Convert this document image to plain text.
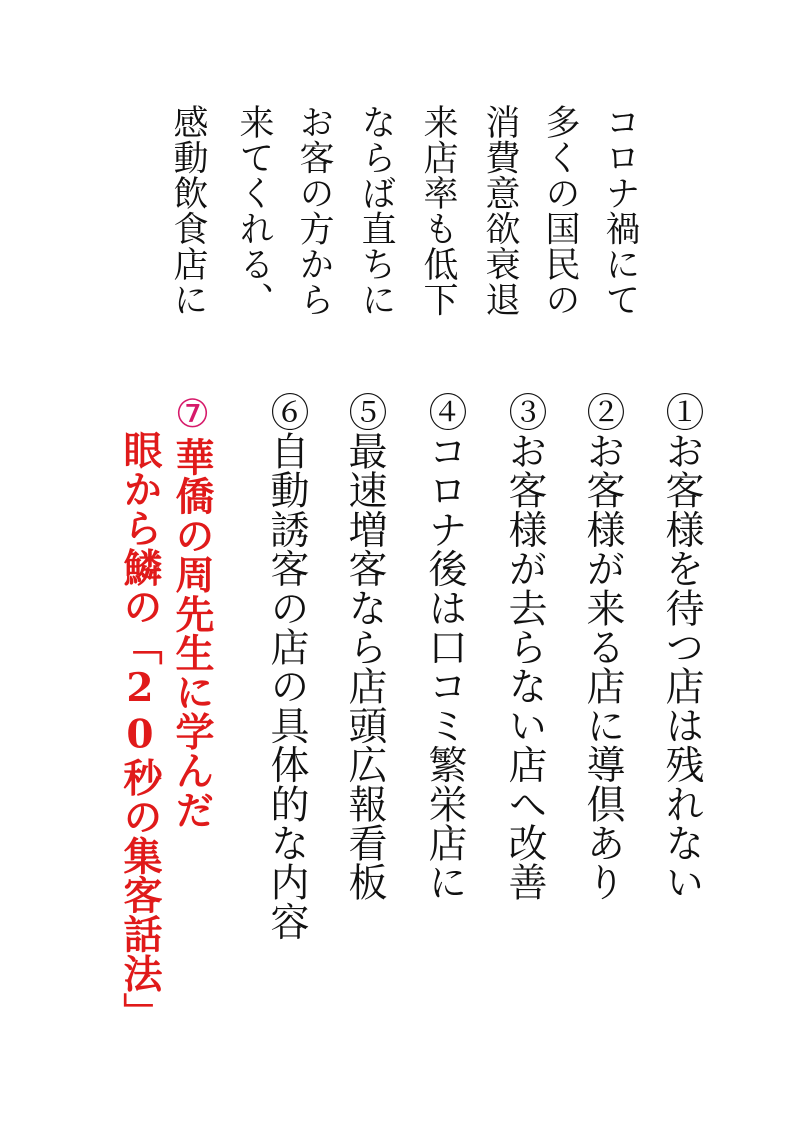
コロナ禍にて
多くの国民の
消費意欲衰退
来店率も低下
ならば直ちに
お客の方から
来てくれる、
感動飲食店に
①お客様を待つ店は残れない
②お客様が来る店に導倶あり
③お客様が去らない店へ改善
④コロナ後は口コミ繁栄店に
⑤最速増客なら店頭広報看板
⑥自動誘客の店の具体的な内容
⑦華僑の周先生に学んだ
眼から鱗の「20秒の集客話法」
